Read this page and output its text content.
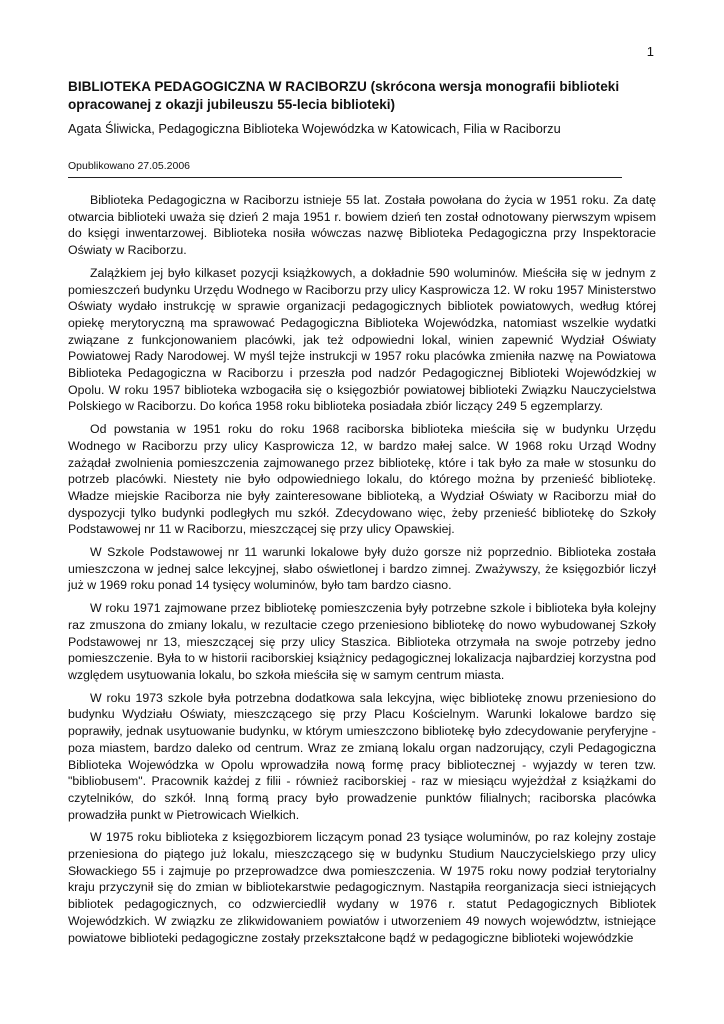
1
BIBLIOTEKA PEDAGOGICZNA W RACIBORZU (skrócona wersja monografii biblioteki opracowanej z okazji jubileuszu 55-lecia biblioteki)

Agata Śliwicka, Pedagogiczna Biblioteka Wojewódzka w Katowicach, Filia w Raciborzu

Opublikowano 27.05.2006

Biblioteka Pedagogiczna w Raciborzu istnieje 55 lat. Została powołana do życia w 1951 roku. Za datę otwarcia biblioteki uważa się dzień 2 maja 1951 r. bowiem dzień ten został odnotowany pierwszym wpisem do księgi inwentarzowej. Biblioteka nosiła wówczas nazwę Biblioteka Pedagogiczna przy Inspektoracie Oświaty w Raciborzu.

Zalążkiem jej było kilkaset pozycji książkowych, a dokładnie 590 woluminów. Mieściła się w jednym z pomieszczeń budynku Urzędu Wodnego w Raciborzu przy ulicy Kasprowicza 12. W roku 1957 Ministerstwo Oświaty wydało instrukcję w sprawie organizacji pedagogicznych bibliotek powiatowych, według której opiekę merytoryczną ma sprawować Pedagogiczna Biblioteka Wojewódzka, natomiast wszelkie wydatki związane z funkcjonowaniem placówki, jak też odpowiedni lokal, winien zapewnić Wydział Oświaty Powiatowej Rady Narodowej. W myśl tejże instrukcji w 1957 roku placówka zmieniła nazwę na Powiatowa Biblioteka Pedagogiczna w Raciborzu i przeszła pod nadzór Pedagogicznej Biblioteki Wojewódzkiej w Opolu. W roku 1957 biblioteka wzbogaciła się o księgozbiór powiatowej biblioteki Związku Nauczycielstwa Polskiego w Raciborzu. Do końca 1958 roku biblioteka posiadała zbiór liczący 249 5 egzemplarzy.

Od powstania w 1951 roku do roku 1968 raciborska biblioteka mieściła się w budynku Urzędu Wodnego w Raciborzu przy ulicy Kasprowicza 12, w bardzo małej salce. W 1968 roku Urząd Wodny zażądał zwolnienia pomieszczenia zajmowanego przez bibliotekę, które i tak było za małe w stosunku do potrzeb placówki. Niestety nie było odpowiedniego lokalu, do którego można by przenieść bibliotekę. Władze miejskie Raciborza nie były zainteresowane biblioteką, a Wydział Oświaty w Raciborzu miał do dyspozycji tylko budynki podległych mu szkół. Zdecydowano więc, żeby przenieść bibliotekę do Szkoły Podstawowej nr 11 w Raciborzu, mieszczącej się przy ulicy Opawskiej.

W Szkole Podstawowej nr 11 warunki lokalowe były dużo gorsze niż poprzednio. Biblioteka została umieszczona w jednej salce lekcyjnej, słabo oświetlonej i bardzo zimnej. Zważywszy, że księgozbiór liczył już w 1969 roku ponad 14 tysięcy woluminów, było tam bardzo ciasno.

W roku 1971 zajmowane przez bibliotekę pomieszczenia były potrzebne szkole i biblioteka była kolejny raz zmuszona do zmiany lokalu, w rezultacie czego przeniesiono bibliotekę do nowo wybudowanej Szkoły Podstawowej nr 13, mieszczącej się przy ulicy Staszica. Biblioteka otrzymała na swoje potrzeby jedno pomieszczenie. Była to w historii raciborskiej książnicy pedagogicznej lokalizacja najbardziej korzystna pod względem usytuowania lokalu, bo szkoła mieściła się w samym centrum miasta.

W roku 1973 szkole była potrzebna dodatkowa sala lekcyjna, więc bibliotekę znowu przeniesiono do budynku Wydziału Oświaty, mieszczącego się przy Placu Kościelnym. Warunki lokalowe bardzo się poprawiły, jednak usytuowanie budynku, w którym umieszczono bibliotekę było zdecydowanie peryferyjne - poza miastem, bardzo daleko od centrum. Wraz ze zmianą lokalu organ nadzorujący, czyli Pedagogiczna Biblioteka Wojewódzka w Opolu wprowadziła nową formę pracy bibliotecznej - wyjazdy w teren tzw. "bibliobusem". Pracownik każdej z filii - również raciborskiej - raz w miesiącu wyjeżdżał z książkami do czytelników, do szkół. Inną formą pracy było prowadzenie punktów filialnych; raciborska placówka prowadziła punkt w Pietrowicach Wielkich.

W 1975 roku biblioteka z księgozbiorem liczącym ponad 23 tysiące woluminów, po raz kolejny zostaje przeniesiona do piątego już lokalu, mieszczącego się w budynku Studium Nauczycielskiego przy ulicy Słowackiego 55 i zajmuje po przeprowadzce dwa pomieszczenia. W 1975 roku nowy podział terytorialny kraju przyczynił się do zmian w bibliotekarstwie pedagogicznym. Nastąpiła reorganizacja sieci istniejących bibliotek pedagogicznych, co odzwierciedlił wydany w 1976 r. statut Pedagogicznych Bibliotek Wojewódzkich. W związku ze zlikwidowaniem powiatów i utworzeniem 49 nowych województw, istniejące powiatowe biblioteki pedagogiczne zostały przekształcone bądź w pedagogiczne biblioteki wojewódzkie
